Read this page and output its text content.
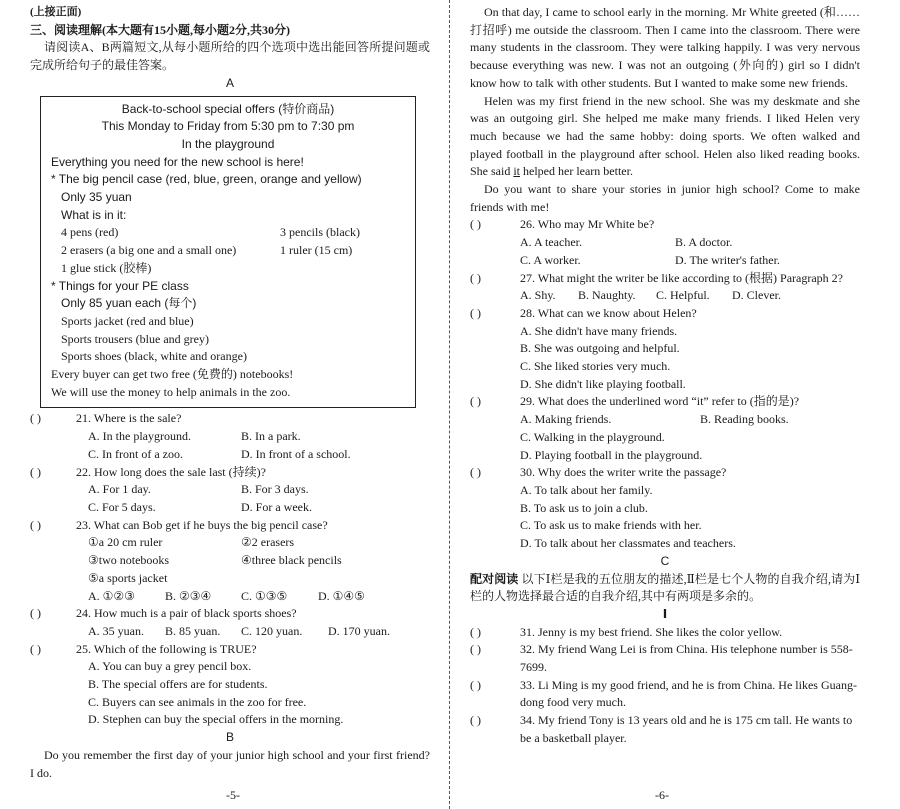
(上接正面)

三、阅读理解(本大题有15小题,每小题2分,共30分)

请阅读A、B两篇短文,从每小题所给的四个选项中选出能回答所提问题或完成所给句子的最佳答案。

A

Back-to-school special offers (特价商品)

This Monday to Friday from 5:30 pm to 7:30 pm

In the playground

Everything you need for the new school is here!

* The big pencil case (red, blue, green, orange and yellow)

Only 35 yuan

What is in it:

4 pens (red)	3 pencils (black)
2 erasers (a big one and a small one)	1 ruler (15 cm)

1 glue stick (胶棒)

* Things for your PE class

Only 85 yuan each (每个)

Sports jacket (red and blue)

Sports trousers (blue and grey)

Sports shoes (black, white and orange)

Every buyer can get two free (免费的) notebooks!

We will use the money to help animals in the zoo.

( )	21. Where is the sale?
A. In the playground.	B. In a park.
C. In front of a zoo.	D. In front of a school.
( )	22. How long does the sale last (持续)?
A. For 1 day.	B. For 3 days.
C. For 5 days.	D. For a week.
( )	23. What can Bob get if he buys the big pencil case?
①a 20 cm ruler	②2 erasers
③two notebooks	④three black pencils

⑤a sports jacket

A. ①②③	B. ②③④	C. ①③⑤	D. ①④⑤
( )	24. How much is a pair of black sports shoes?
A. 35 yuan.	B. 85 yuan.	C. 120 yuan.	D. 170 yuan.
( )	25. Which of the following is TRUE?

A. You can buy a grey pencil box.

B. The special offers are for students.

C. Buyers can see animals in the zoo for free.

D. Stephen can buy the special offers in the morning.

B

Do you remember the first day of your junior high school and your first friend? I do.

-5-

On that day, I came to school early in the morning. Mr White greeted (和……打招呼) me outside the classroom. Then I came into the classroom. There were many students in the classroom. They were talking happily. I was very nervous because everything was new. I was not an outgoing (外向的) girl so I didn't know how to talk with other students. But I wanted to make some new friends.

Helen was my first friend in the new school. She was my deskmate and she was an outgoing girl. She helped me make many friends. I liked Helen very much because we had the same hobby: doing sports. We often walked and played football in the playground after school. Helen also liked reading books. She said it helped her learn better.

Do you want to share your stories in junior high school? Come to make friends with me!

( )	26. Who may Mr White be?
A. A teacher.	B. A doctor.
C. A worker.	D. The writer's father.
( )	27. What might the writer be like according to (根据) Paragraph 2?
A. Shy.	B. Naughty.	C. Helpful.	D. Clever.
( )	28. What can we know about Helen?

A. She didn't have many friends.

B. She was outgoing and helpful.

C. She liked stories very much.

D. She didn't like playing football.

( )	29. What does the underlined word “it” refer to (指的是)?
A. Making friends.	B. Reading books.

C. Walking in the playground.

D. Playing football in the playground.

( )	30. Why does the writer write the passage?

A. To talk about her family.

B. To ask us to join a club.

C. To ask us to make friends with her.

D. To talk about her classmates and teachers.

C

配对阅读 以下Ⅰ栏是我的五位朋友的描述,Ⅱ栏是七个人物的自我介绍,请为Ⅰ栏的人物选择最合适的自我介绍,其中有两项是多余的。

Ⅰ

( )	31. Jenny is my best friend. She likes the color yellow.
( )	32. My friend Wang Lei is from China. His telephone number is 558-

7699.

( )	33. Li Ming is my good friend, and he is from China. He likes Guang-

dong food very much.

( )	34. My friend Tony is 13 years old and he is 175 cm tall. He wants to

be a basketball player.

-6-
